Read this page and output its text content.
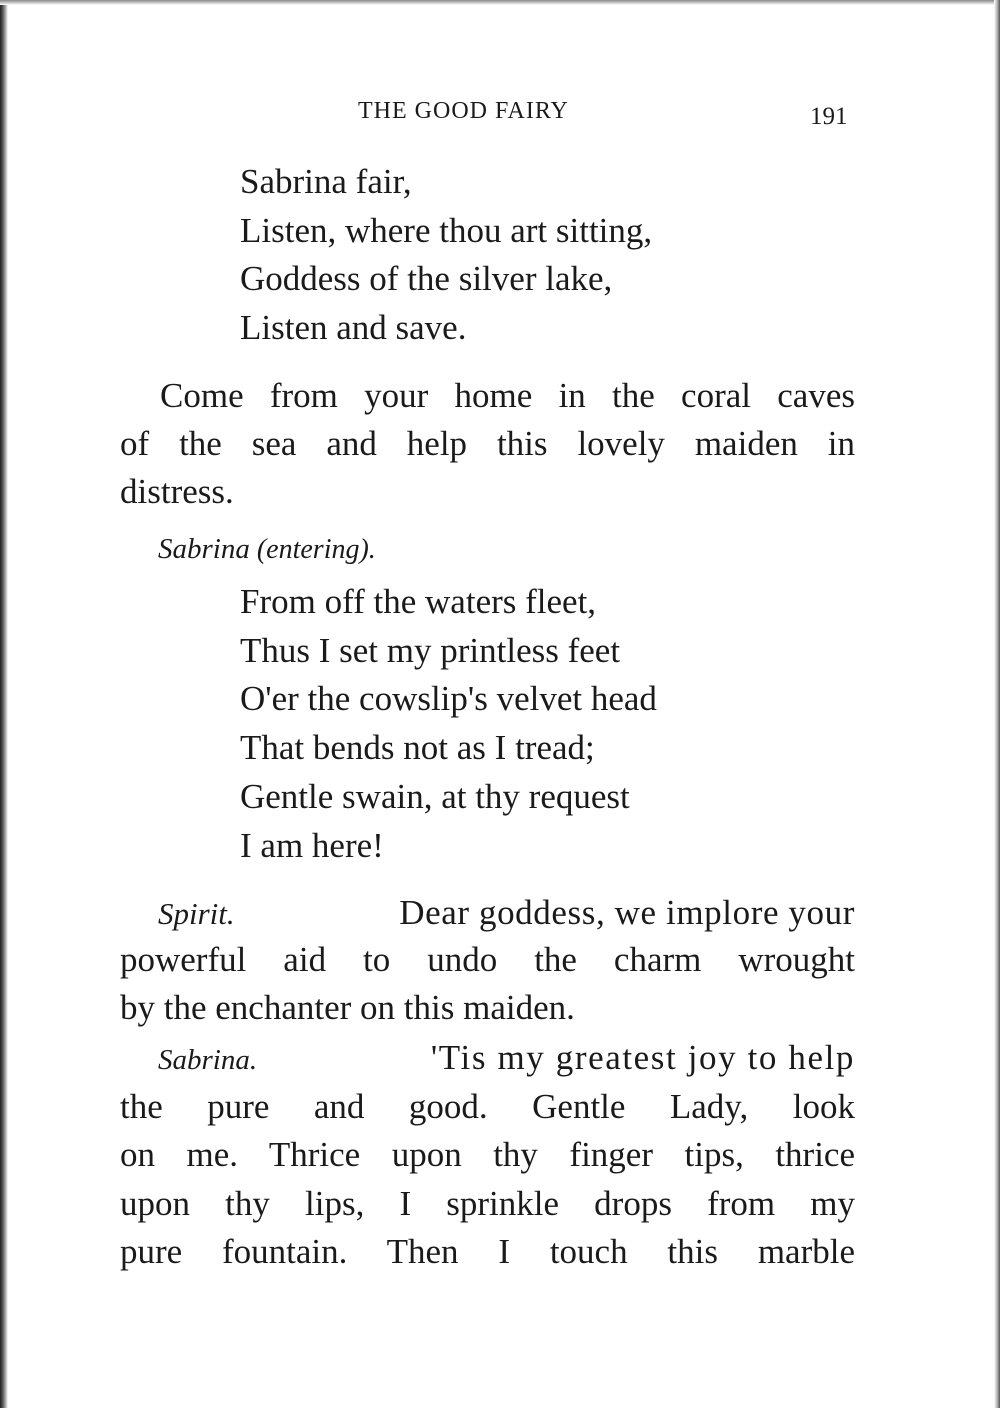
THE GOOD FAIRY	191
Sabrina fair,
Listen, where thou art sitting,
Goddess of the silver lake,
Listen and save.
Come from your home in the coral caves
of the sea and help this lovely maiden in
distress.
Sabrina (entering).
From off the waters fleet,
Thus I set my printless feet
O'er the cowslip's velvet head
That bends not as I tread;
Gentle swain, at thy request
I am here!
Spirit.	Dear goddess, we implore your
powerful aid to undo the charm wrought
by the enchanter on this maiden.
Sabrina.	'Tis my greatest joy to help
the pure and good. Gentle Lady, look
on me. Thrice upon thy finger tips, thrice
upon thy lips, I sprinkle drops from my
pure fountain. Then I touch this marble
